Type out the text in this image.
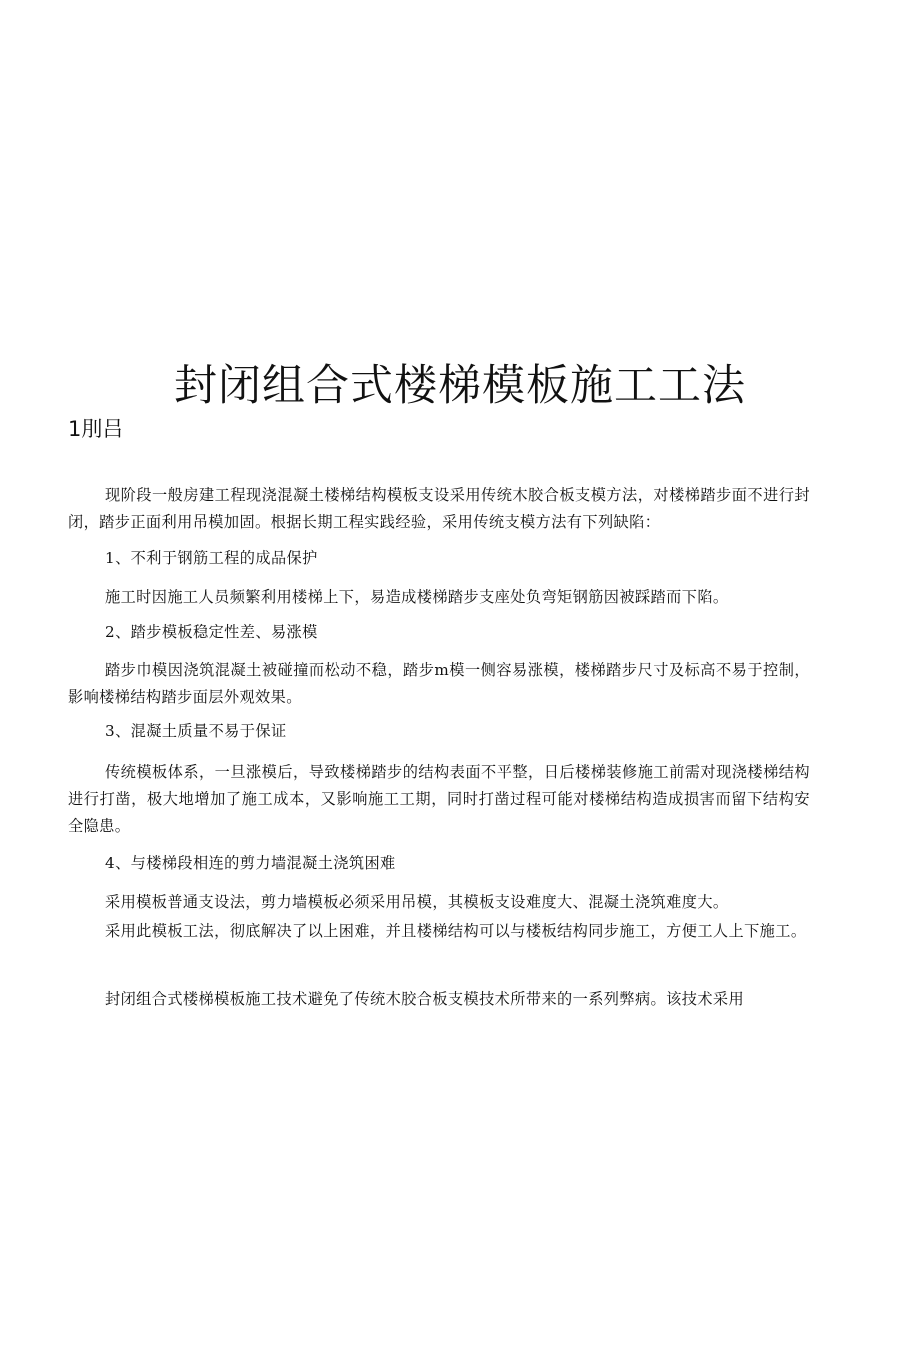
封闭组合式楼梯模板施工工法
1刖吕

现阶段一般房建工程现浇混凝土楼梯结构模板支设采用传统木胶合板支模方法，对楼梯踏步面不进行封闭，踏步正面利用吊模加固。根据长期工程实践经验，采用传统支模方法有下列缺陷：

1、不利于钢筋工程的成品保护

施工时因施工人员频繁利用楼梯上下，易造成楼梯踏步支座处负弯矩钢筋因被踩踏而下陷。

2、踏步模板稳定性差、易涨模

踏步巾模因浇筑混凝土被碰撞而松动不稳，踏步m模一侧容易涨模，楼梯踏步尺寸及标高不易于控制，影响楼梯结构踏步面层外观效果。

3、混凝土质量不易于保证

传统模板体系，一旦涨模后，导致楼梯踏步的结构表面不平整，日后楼梯装修施工前需对现浇楼梯结构进行打凿，极大地增加了施工成本，又影响施工工期，同时打凿过程可能对楼梯结构造成损害而留下结构安全隐患。

4、与楼梯段相连的剪力墙混凝土浇筑困难

采用模板普通支设法，剪力墙模板必须采用吊模，其模板支设难度大、混凝土浇筑难度大。

采用此模板工法，彻底解决了以上困难，并且楼梯结构可以与楼板结构同步施工，方便工人上下施工。

封闭组合式楼梯模板施工技术避免了传统木胶合板支模技术所带来的一系列弊病。该技术采用
